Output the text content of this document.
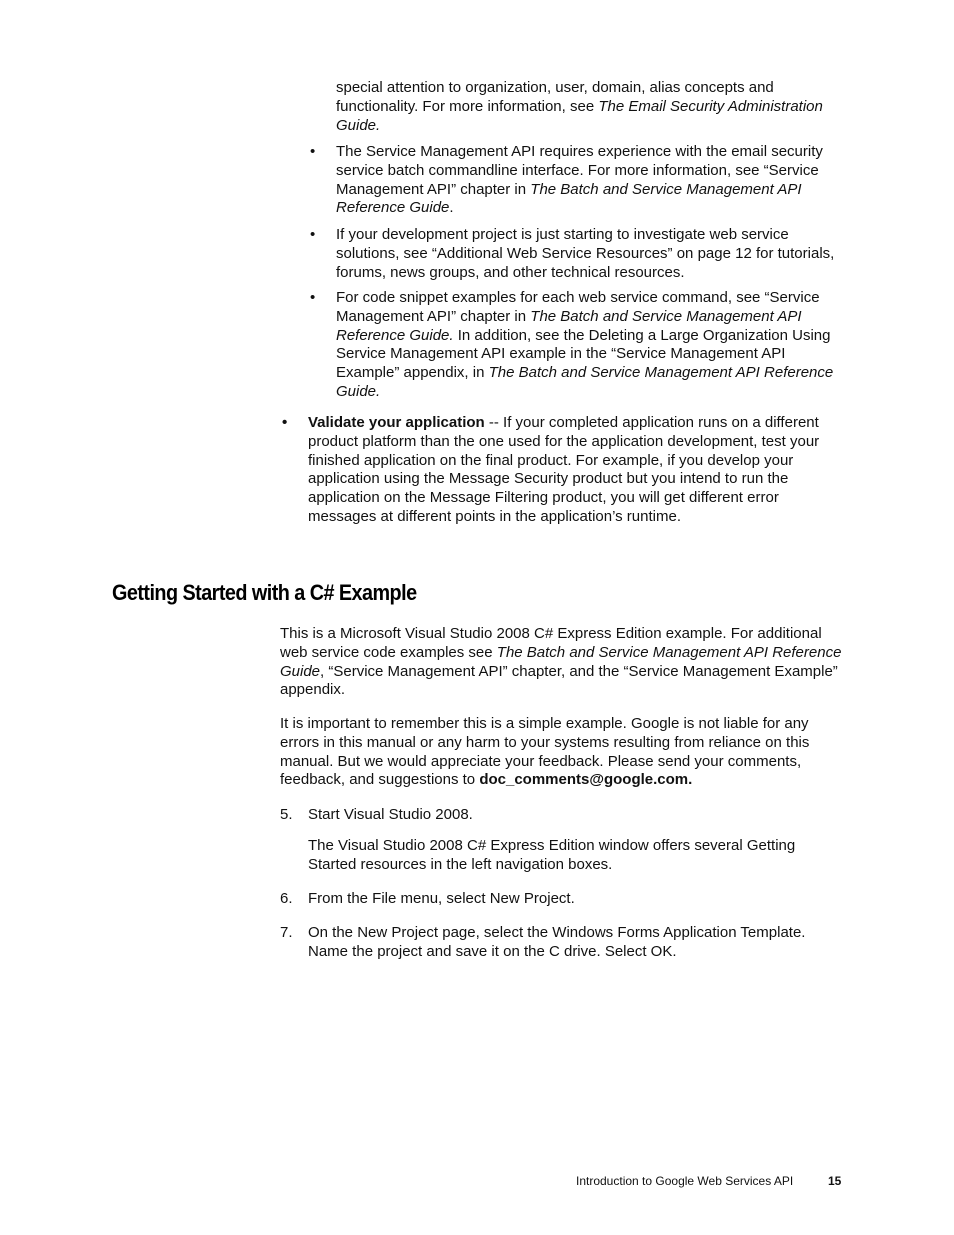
special attention to organization, user, domain, alias concepts and functionality. For more information, see The Email Security Administration Guide.

• The Service Management API requires experience with the email security service batch commandline interface. For more information, see “Service Management API” chapter in The Batch and Service Management API Reference Guide.

• If your development project is just starting to investigate web service solutions, see “Additional Web Service Resources” on page 12 for tutorials, forums, news groups, and other technical resources.

• For code snippet examples for each web service command, see “Service Management API” chapter in The Batch and Service Management API Reference Guide. In addition, see the Deleting a Large Organization Using Service Management API example in the “Service Management API Example” appendix, in The Batch and Service Management API Reference Guide.

• Validate your application -- If your completed application runs on a different product platform than the one used for the application development, test your finished application on the final product. For example, if you develop your application using the Message Security product but you intend to run the application on the Message Filtering product, you will get different error messages at different points in the application’s runtime.

Getting Started with a C# Example

This is a Microsoft Visual Studio 2008 C# Express Edition example. For additional web service code examples see The Batch and Service Management API Reference Guide, “Service Management API” chapter, and the “Service Management Example” appendix.

It is important to remember this is a simple example. Google is not liable for any errors in this manual or any harm to your systems resulting from reliance on this manual. But we would appreciate your feedback. Please send your comments, feedback, and suggestions to doc_comments@google.com.

5. Start Visual Studio 2008.

The Visual Studio 2008 C# Express Edition window offers several Getting Started resources in the left navigation boxes.

6. From the File menu, select New Project.

7. On the New Project page, select the Windows Forms Application Template. Name the project and save it on the C drive. Select OK.

Introduction to Google Web Services API	15
